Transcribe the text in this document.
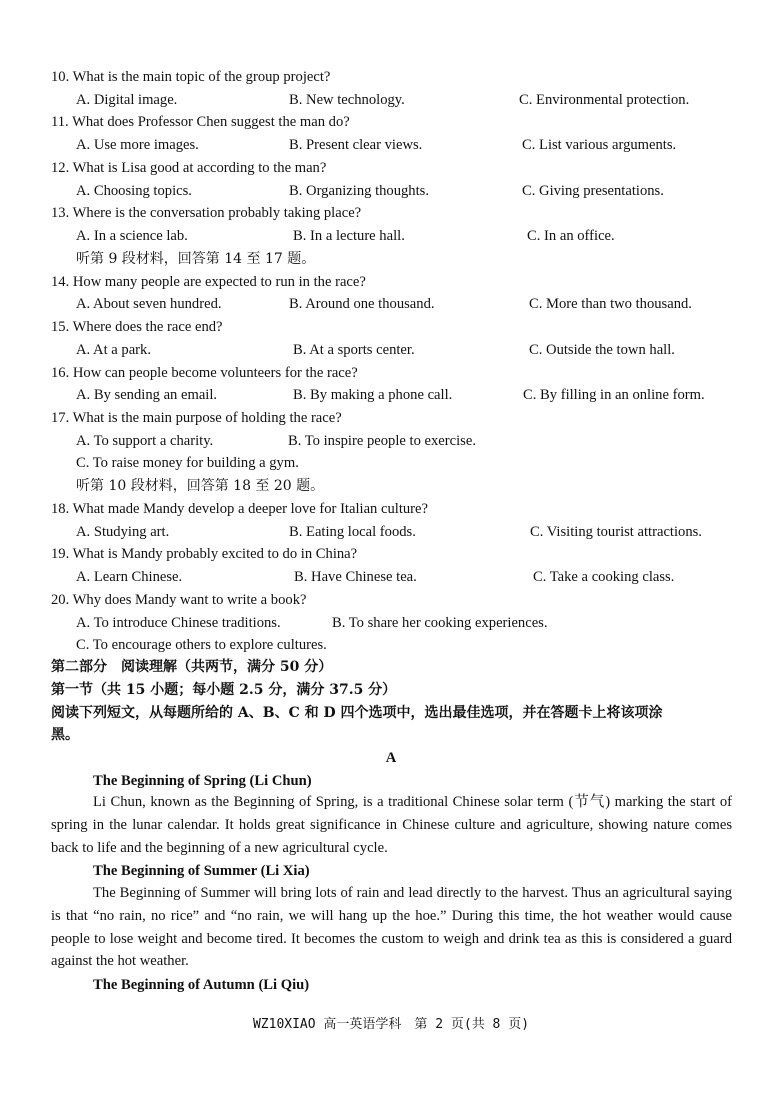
10. What is the main topic of the group project?
A. Digital image.	B. New technology.	C. Environmental protection.
11. What does Professor Chen suggest the man do?
A. Use more images.	B. Present clear views.	C. List various arguments.
12. What is Lisa good at according to the man?
A. Choosing topics.	B. Organizing thoughts.	C. Giving presentations.
13. Where is the conversation probably taking place?
A. In a science lab.	B. In a lecture hall.	C. In an office.
听第 9 段材料，回答第 14 至 17 题。
14. How many people are expected to run in the race?
A. About seven hundred.	B. Around one thousand.	C. More than two thousand.
15. Where does the race end?
A. At a park.	B. At a sports center.	C. Outside the town hall.
16. How can people become volunteers for the race?
A. By sending an email.	B. By making a phone call.	C. By filling in an online form.
17. What is the main purpose of holding the race?
A. To support a charity.	B. To inspire people to exercise.
C. To raise money for building a gym.
听第 10 段材料，回答第 18 至 20 题。
18. What made Mandy develop a deeper love for Italian culture?
A. Studying art.	B. Eating local foods.	C. Visiting tourist attractions.
19. What is Mandy probably excited to do in China?
A. Learn Chinese.	B. Have Chinese tea.	C. Take a cooking class.
20. Why does Mandy want to write a book?
A. To introduce Chinese traditions.	B. To share her cooking experiences.
C. To encourage others to explore cultures.
第二部分　阅读理解（共两节，满分 50 分）
第一节（共 15 小题；每小题 2.5 分，满分 37.5 分）
阅读下列短文，从每题所给的 A、B、C 和 D 四个选项中，选出最佳选项，并在答题卡上将该项涂
黑。
A
The Beginning of Spring (Li Chun)
Li Chun, known as the Beginning of Spring, is a traditional Chinese solar term (节气) marking the start of spring in the lunar calendar. It holds great significance in Chinese culture and agriculture, showing nature comes back to life and the beginning of a new agricultural cycle.
The Beginning of Summer (Li Xia)
The Beginning of Summer will bring lots of rain and lead directly to the harvest. Thus an agricultural saying is that “no rain, no rice” and “no rain, we will hang up the hoe.” During this time, the hot weather would cause people to lose weight and become tired. It becomes the custom to weigh and drink tea as this is considered a guard against the hot weather.
The Beginning of Autumn (Li Qiu)
WZ10XIAO 高一英语学科　第 2 页(共 8 页)
